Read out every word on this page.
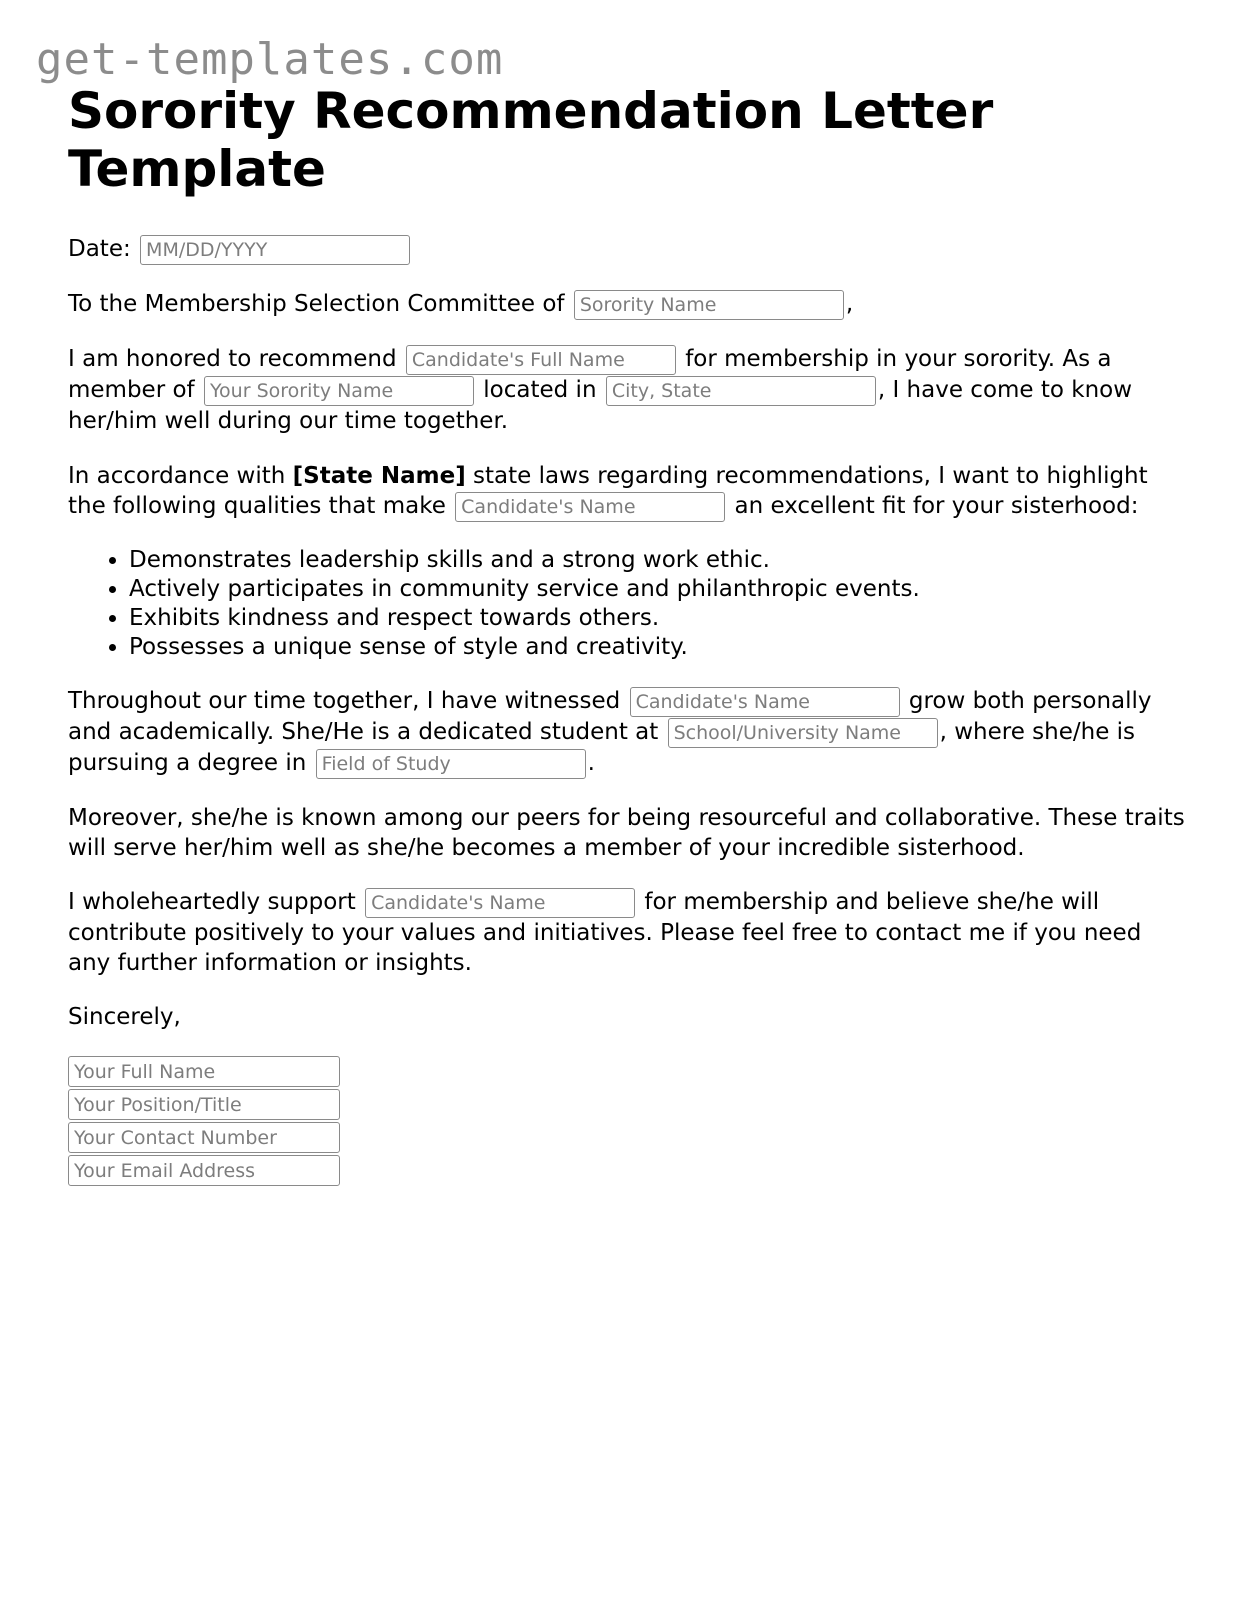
get-templates.com
Sorority Recommendation Letter Template

Date: MM/DD/YYYY

To the Membership Selection Committee of Sorority Name	,

I am honored to recommend Candidate's Full Name	for membership in your sorority. As a member of Your Sorority Name	located in City, State	, I have come to know her/him well during our time together.

In accordance with [State Name] state laws regarding recommendations, I want to highlight the following qualities that make Candidate's Name	an excellent fit for your sisterhood:

• Demonstrates leadership skills and a strong work ethic.
• Actively participates in community service and philanthropic events.
• Exhibits kindness and respect towards others.
• Possesses a unique sense of style and creativity.

Throughout our time together, I have witnessed Candidate's Name	grow both personally and academically. She/He is a dedicated student at School/University Name	, where she/he is pursuing a degree in Field of Study	.

Moreover, she/he is known among our peers for being resourceful and collaborative. These traits will serve her/him well as she/he becomes a member of your incredible sisterhood.

I wholeheartedly support Candidate's Name	for membership and believe she/he will contribute positively to your values and initiatives. Please feel free to contact me if you need any further information or insights.

Sincerely,

Your Full Name
Your Position/Title
Your Contact Number
Your Email Address
